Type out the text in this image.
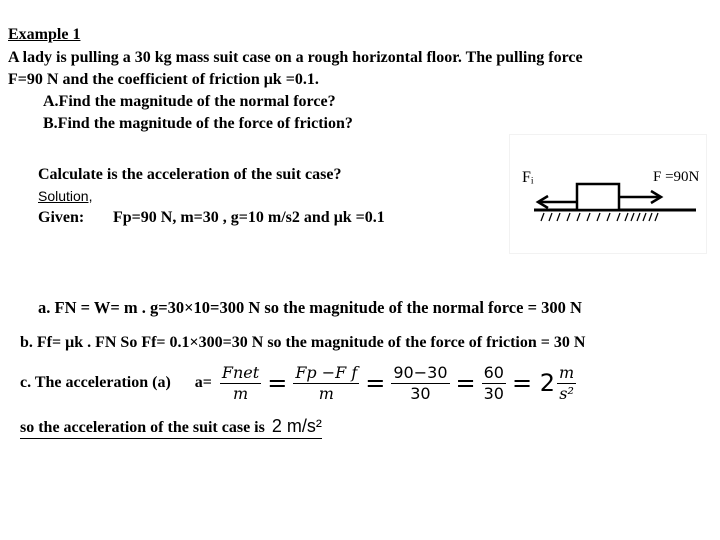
Example 1
A lady is pulling a 30 kg mass suit case on a rough horizontal floor. The pulling force
F=90 N and the coefficient of friction μk =0.1.
A.Find the magnitude of the normal force?
B.Find the magnitude of the force of friction?
Calculate is the acceleration of the suit case?
Solution,
Given: Fp=90 N, m=30 , g=10 m/s2 and μk =0.1
Fᵢ	F =90N
a. FN = W= m . g=30×10=300 N so the magnitude of the normal force = 300 N
b. Ff= μk . FN So Ff= 0.1×300=30 N so the magnitude of the force of friction = 30 N
c. The acceleration (a) $a= \frac{\text{Fnet}}{m} = \frac{\text{Fp −F f}}{m} = \frac{90-30}{30} = \frac{60}{30} = 2 \frac{m}{\text{s²}}$
so the acceleration of the suit case is 2 m/s²
